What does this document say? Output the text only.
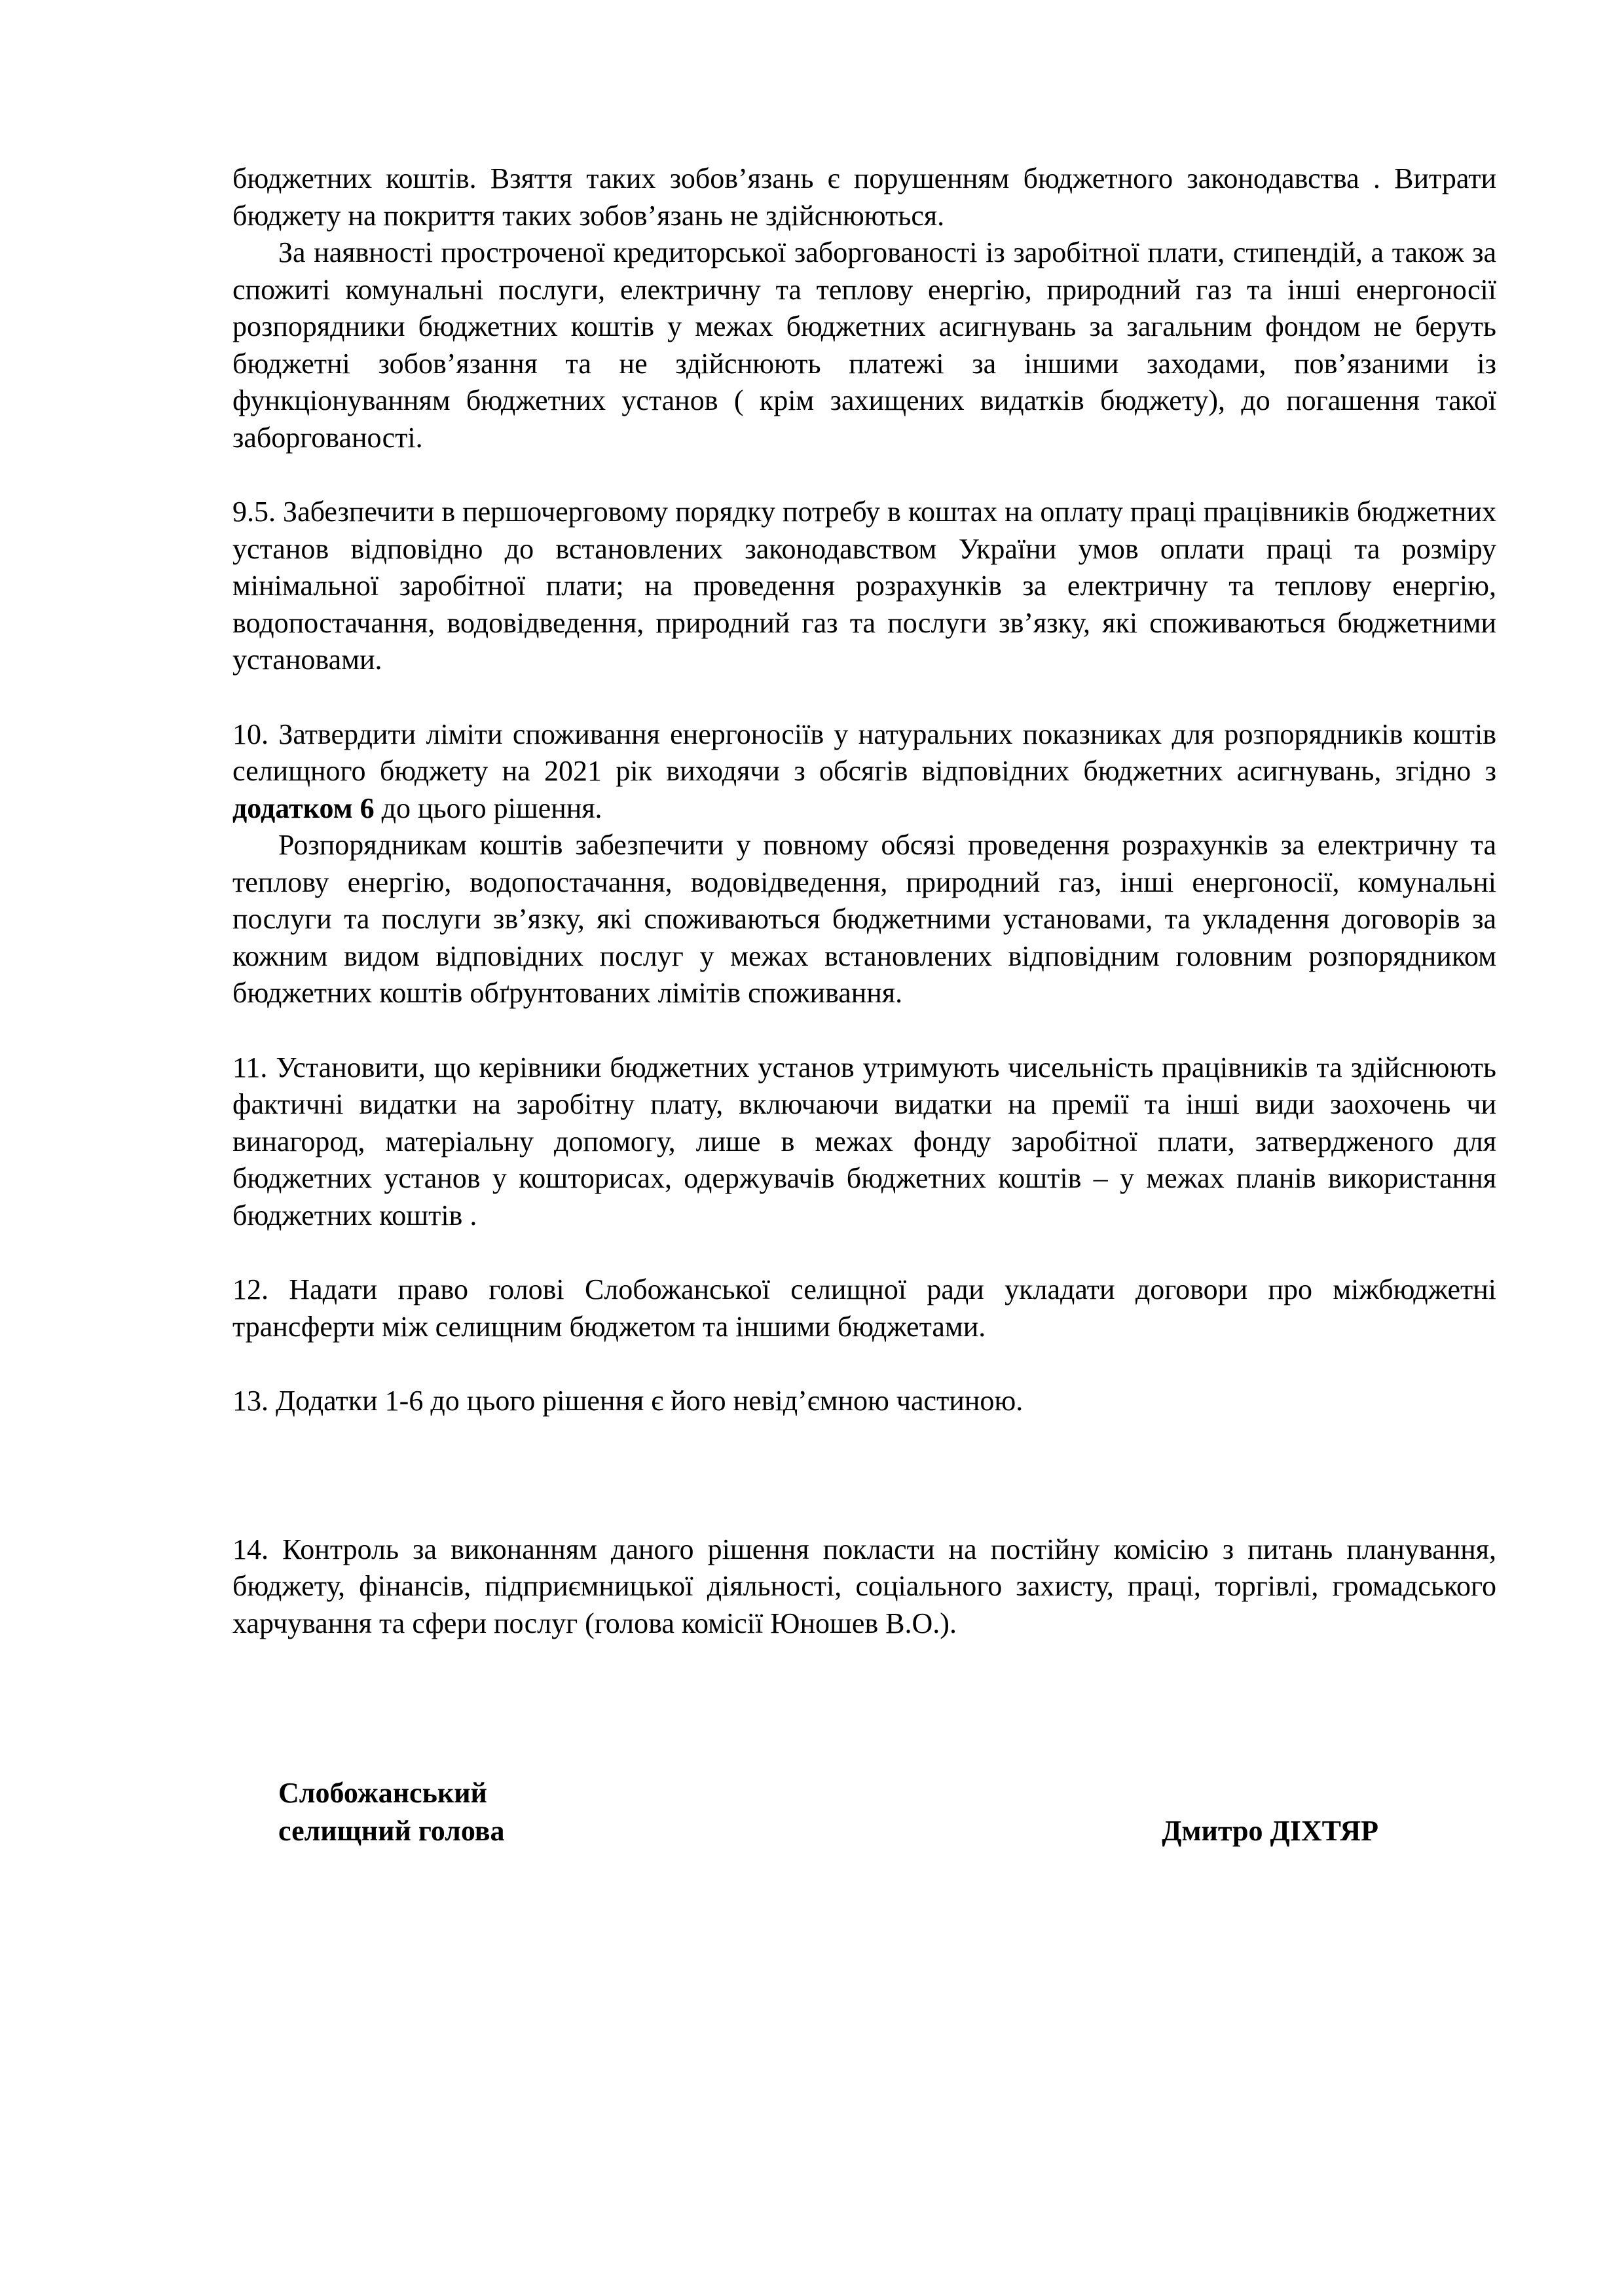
бюджетних коштів. Взяття таких зобов’язань є порушенням бюджетного законодавства . Витрати бюджету на покриття таких зобов’язань не здійснюються.

За наявності простроченої кредиторської заборгованості із заробітної плати, стипендій, а також за спожиті комунальні послуги, електричну та теплову енергію, природний газ та інші енергоносії розпорядники бюджетних коштів у межах бюджетних асигнувань за загальним фондом не беруть бюджетні зобов’язання та не здійснюють платежі за іншими заходами, пов’язаними із функціонуванням бюджетних установ ( крім захищених видатків бюджету), до погашення такої заборгованості.

9.5. Забезпечити в першочерговому порядку потребу в коштах на оплату праці працівників бюджетних установ відповідно до встановлених законодавством України умов оплати праці та розміру мінімальної заробітної плати; на проведення розрахунків за електричну та теплову енергію, водопостачання, водовідведення, природний газ та послуги зв’язку, які споживаються бюджетними установами.

10. Затвердити ліміти споживання енергоносіїв у натуральних показниках для розпорядників коштів селищного бюджету на 2021 рік виходячи з обсягів відповідних бюджетних асигнувань, згідно з додатком 6 до цього рішення.

Розпорядникам коштів забезпечити у повному обсязі проведення розрахунків за електричну та теплову енергію, водопостачання, водовідведення, природний газ, інші енергоносії, комунальні послуги та послуги зв’язку, які споживаються бюджетними установами, та укладення договорів за кожним видом відповідних послуг у межах встановлених відповідним головним розпорядником бюджетних коштів обґрунтованих лімітів споживання.

11. Установити, що керівники бюджетних установ утримують чисельність працівників та здійснюють фактичні видатки на заробітну плату, включаючи видатки на премії та інші види заохочень чи винагород, матеріальну допомогу, лише в межах фонду заробітної плати, затвердженого для бюджетних установ у кошторисах, одержувачів бюджетних коштів – у межах планів використання бюджетних коштів .

12. Надати право голові Слобожанської селищної ради укладати договори про міжбюджетні трансферти між селищним бюджетом та іншими бюджетами.

13. Додатки 1-6 до цього рішення є його невід’ємною частиною.

14. Контроль за виконанням даного рішення покласти на постійну комісію з питань планування, бюджету, фінансів, підприємницької діяльності, соціального захисту, праці, торгівлі, громадського харчування та сфери послуг (голова комісії Юношев В.О.).

Слобожанський
селищний голова	Дмитро ДІХТЯР
